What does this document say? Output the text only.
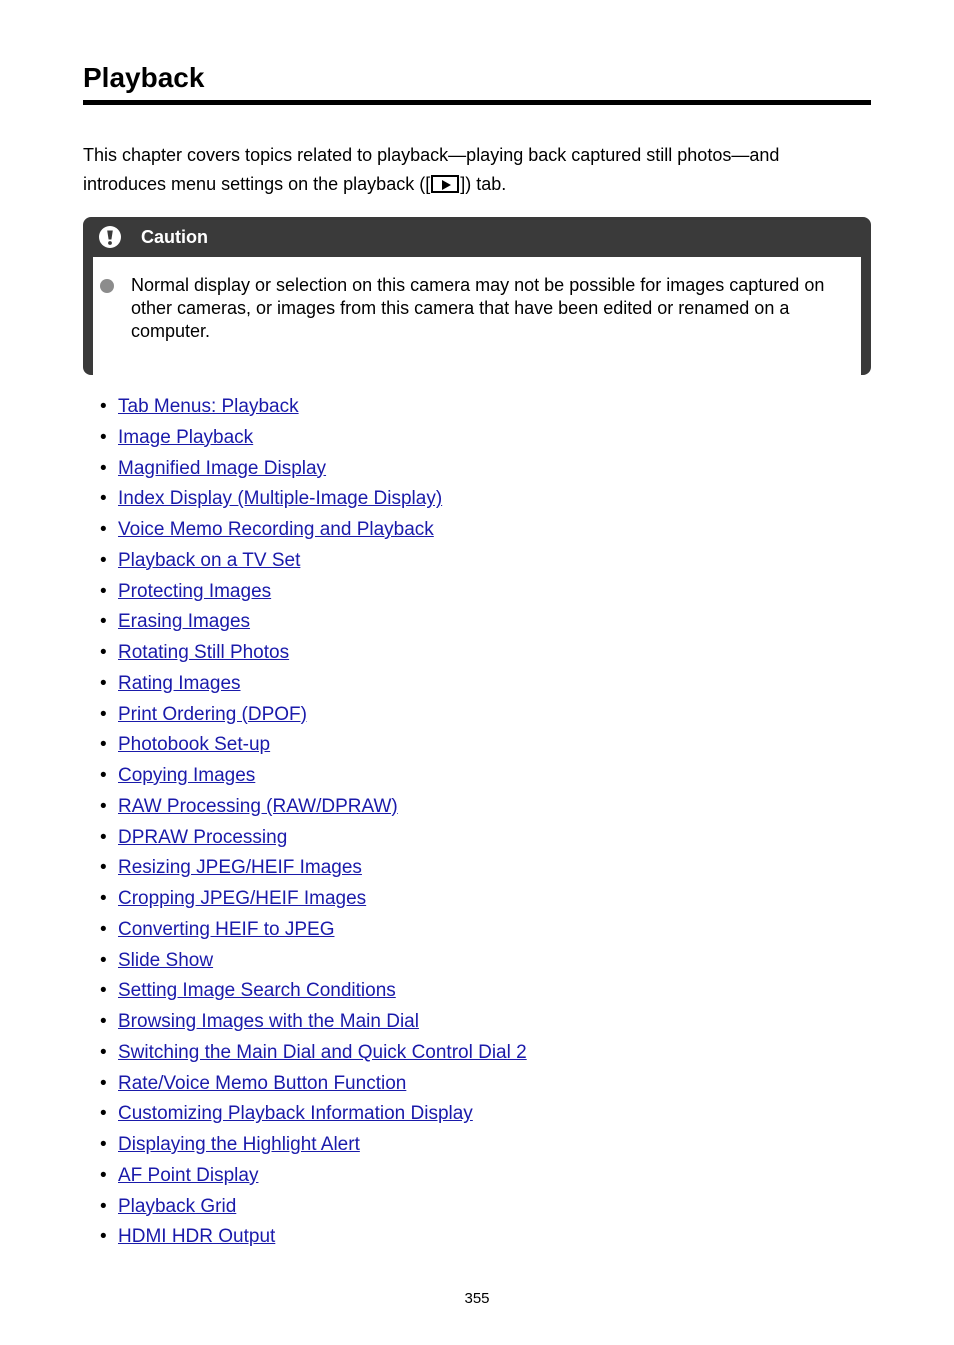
Playback

This chapter covers topics related to playback—playing back captured still photos—and introduces menu settings on the playback ([ ]) tab.

Caution

Normal display or selection on this camera may not be possible for images captured on other cameras, or images from this camera that have been edited or renamed on a computer.

• Tab Menus: Playback
• Image Playback
• Magnified Image Display
• Index Display (Multiple-Image Display)
• Voice Memo Recording and Playback
• Playback on a TV Set
• Protecting Images
• Erasing Images
• Rotating Still Photos
• Rating Images
• Print Ordering (DPOF)
• Photobook Set-up
• Copying Images
• RAW Processing (RAW/DPRAW)
• DPRAW Processing
• Resizing JPEG/HEIF Images
• Cropping JPEG/HEIF Images
• Converting HEIF to JPEG
• Slide Show
• Setting Image Search Conditions
• Browsing Images with the Main Dial
• Switching the Main Dial and Quick Control Dial 2
• Rate/Voice Memo Button Function
• Customizing Playback Information Display
• Displaying the Highlight Alert
• AF Point Display
• Playback Grid
• HDMI HDR Output
355
